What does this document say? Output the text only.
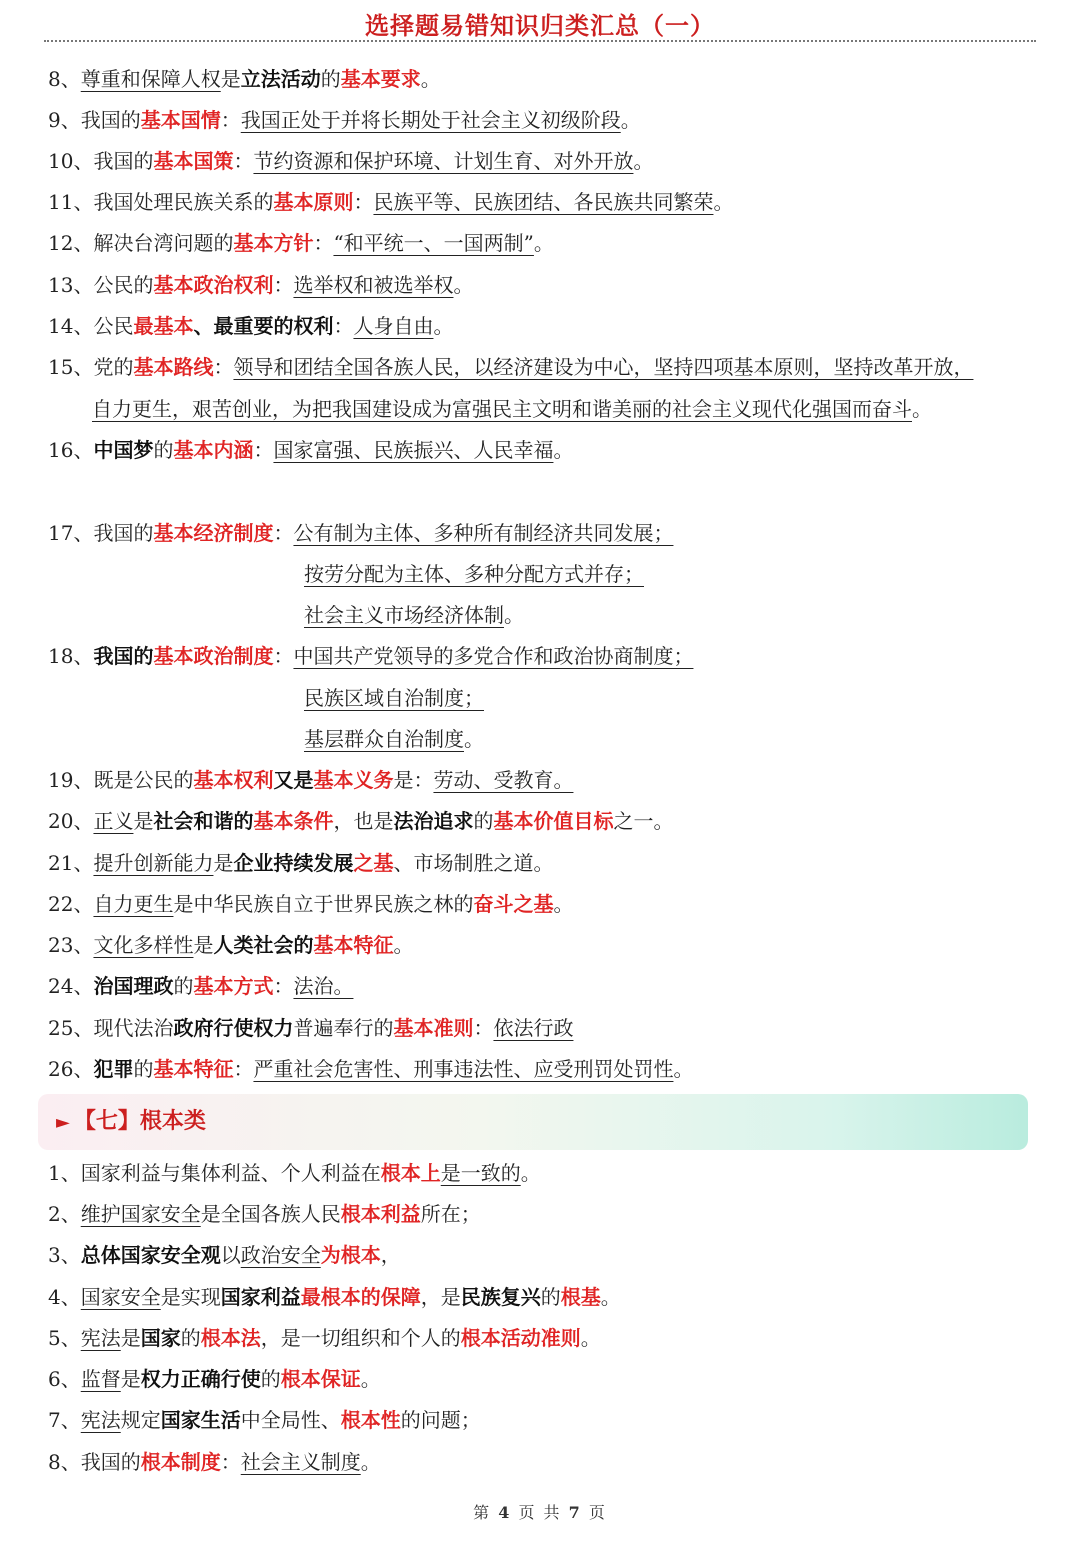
选择题易错知识归类汇总（一）
8、尊重和保障人权是立法活动的基本要求。
9、我国的基本国情：我国正处于并将长期处于社会主义初级阶段。
10、我国的基本国策：节约资源和保护环境、计划生育、对外开放。
11、我国处理民族关系的基本原则：民族平等、民族团结、各民族共同繁荣。
12、解决台湾问题的基本方针：“和平统一、一国两制”。
13、公民的基本政治权利：选举权和被选举权。
14、公民最基本、最重要的权利：人身自由。
15、党的基本路线：领导和团结全国各族人民，以经济建设为中心，坚持四项基本原则，坚持改革开放，
自力更生，艰苦创业，为把我国建设成为富强民主文明和谐美丽的社会主义现代化强国而奋斗。
16、中国梦的基本内涵：国家富强、民族振兴、人民幸福。
17、我国的基本经济制度：公有制为主体、多种所有制经济共同发展；
按劳分配为主体、多种分配方式并存；
社会主义市场经济体制。
18、我国的基本政治制度：中国共产党领导的多党合作和政治协商制度；
民族区域自治制度；
基层群众自治制度。
19、既是公民的基本权利又是基本义务是：劳动、受教育。
20、正义是社会和谐的基本条件，也是法治追求的基本价值目标之一。
21、提升创新能力是企业持续发展之基、市场制胜之道。
22、自力更生是中华民族自立于世界民族之林的奋斗之基。
23、文化多样性是人类社会的基本特征。
24、治国理政的基本方式：法治。
25、现代法治政府行使权力普遍奉行的基本准则：依法行政
26、犯罪的基本特征：严重社会危害性、刑事违法性、应受刑罚处罚性。
1、国家利益与集体利益、个人利益在根本上是一致的。
2、维护国家安全是全国各族人民根本利益所在；
3、总体国家安全观以政治安全为根本，
4、国家安全是实现国家利益最根本的保障，是民族复兴的根基。
5、宪法是国家的根本法，是一切组织和个人的根本活动准则。
6、监督是权力正确行使的根本保证。
7、宪法规定国家生活中全局性、根本性的问题；
8、我国的根本制度：社会主义制度。
► 【七】根本类
第 4 页 共 7 页
